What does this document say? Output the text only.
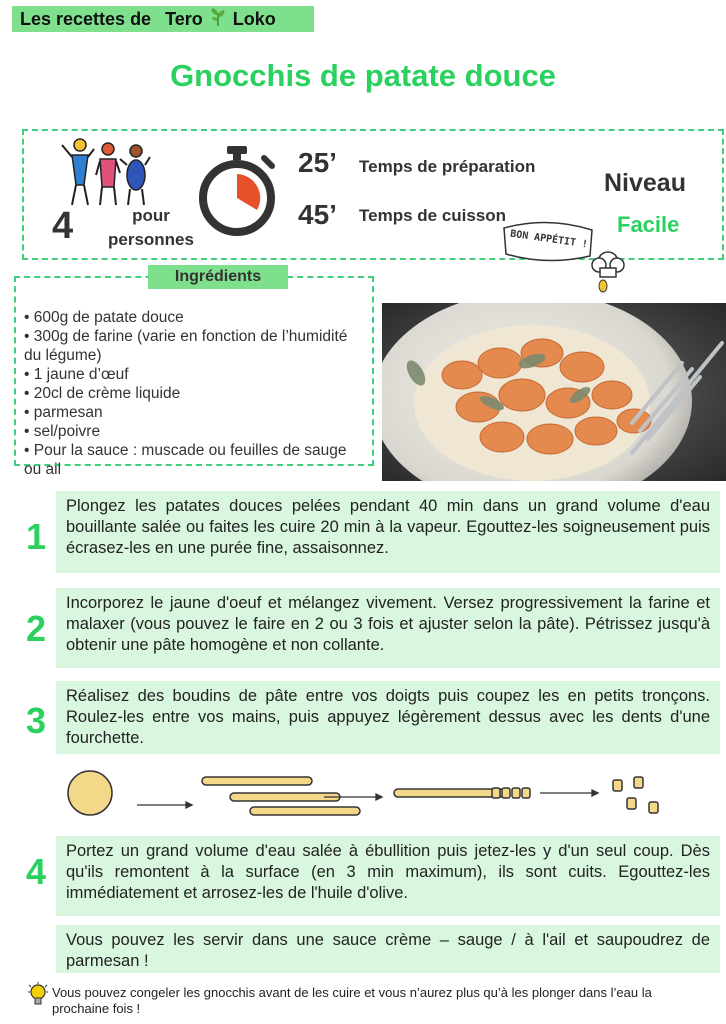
Les recettes de Tero Loko
Gnocchis de patate douce
4	pour
personnes
25’ Temps de préparation
45’ Temps de cuisson
Niveau
Facile
BON APPÉTIT !
Ingrédients
• 600g de patate douce
• 300g de farine (varie en fonction de l’humidité du légume)
• 1 jaune d’œuf
• 20cl de crème liquide
• parmesan
• sel/poivre
• Pour la sauce : muscade ou feuilles de sauge ou ail
1
Plongez les patates douces pelées pendant 40 min dans un grand volume d'eau bouillante salée ou faites les cuire 20 min à la vapeur. Egouttez-les soigneusement puis écrasez-les en une purée fine, assaisonnez.
2
Incorporez le jaune d'oeuf et mélangez vivement. Versez progressivement la farine et malaxer (vous pouvez le faire en 2 ou 3 fois et ajuster selon la pâte). Pétrissez jusqu'à obtenir une pâte homogène et non collante.
3
Réalisez des boudins de pâte entre vos doigts puis coupez les en petits tronçons. Roulez-les entre vos mains, puis appuyez légèrement dessus avec les dents d'une fourchette.
4	Portez un grand volume d'eau salée à ébullition puis jetez-les y d'un seul coup. Dès qu'ils remontent à la surface (en 3 min maximum), ils sont cuits. Egouttez-les immédiatement et arrosez-les de l'huile d'olive.
Vous pouvez les servir dans une sauce crème – sauge / à l'ail et saupoudrez de parmesan !
Vous pouvez congeler les gnocchis avant de les cuire et vous n’aurez plus qu’à les plonger dans l’eau la prochaine fois !
